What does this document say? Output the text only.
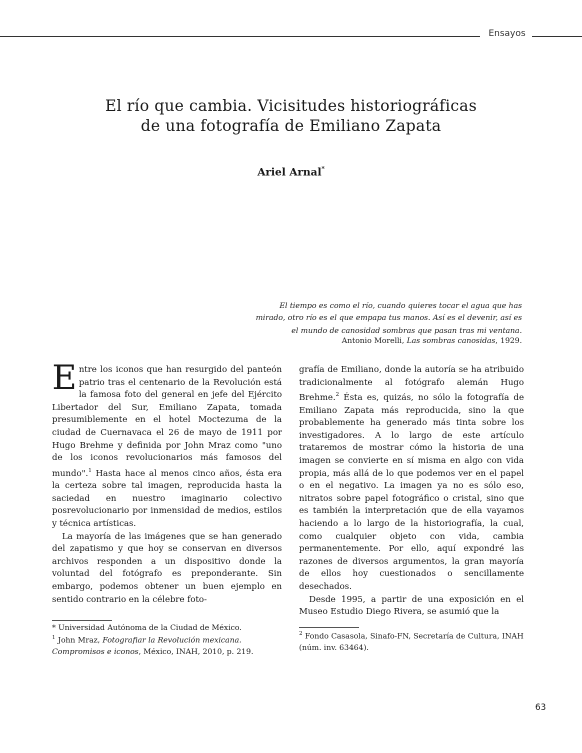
Ensayos
El río que cambia. Vicisitudes historiográficas
de una fotografía de Emiliano Zapata
Ariel Arnal*
El tiempo es como el río, cuando quieres tocar el agua que has
mirado, otro río es el que empapa tus manos. Así es el devenir, así es
el mundo de canosidad sombras que pasan tras mi ventana.
Antonio Morelli, Las sombras canosidas, 1929.

Entre los iconos que han resurgido del panteón patrio tras el centenario de la Revolución está la famosa foto del general en jefe del Ejército Libertador del Sur, Emiliano Zapata, tomada presumiblemente en el hotel Moctezuma de la ciudad de Cuernavaca el 26 de mayo de 1911 por Hugo Brehme y definida por John Mraz como "uno de los iconos revolucionarios más famosos del mundo".$^1$ Hasta hace al menos cinco años, ésta era la certeza sobre tal imagen, reproducida hasta la saciedad en nuestro imaginario colectivo posrevolucionario por inmensidad de medios, estilos y técnica artísticas.

La mayoría de las imágenes que se han generado del zapatismo y que hoy se conservan en diversos archivos responden a un dispositivo donde la voluntad del fotógrafo es preponderante. Sin embargo, podemos obtener un buen ejemplo en sentido contrario en la célebre foto-

grafía de Emiliano, donde la autoría se ha atribuido tradicionalmente al fotógrafo alemán Hugo Brehme.$^2$ Ésta es, quizás, no sólo la fotografía de Emiliano Zapata más reproducida, sino la que probablemente ha generado más tinta sobre los investigadores. A lo largo de este artículo trataremos de mostrar cómo la historia de una imagen se convierte en sí misma en algo con vida propia, más allá de lo que podemos ver en el papel o en el negativo. La imagen ya no es sólo eso, nitratos sobre papel fotográfico o cristal, sino que es también la interpretación que de ella vayamos haciendo a lo largo de la historiografía, la cual, como cualquier objeto con vida, cambia permanentemente. Por ello, aquí expondré las razones de diversos argumentos, la gran mayoría de ellos hoy cuestionados o sencillamente desechados.

Desde 1995, a partir de una exposición en el Museo Estudio Diego Rivera, se asumió que la

* Universidad Autónoma de la Ciudad de México.

$^1$ John Mraz, Fotografiar la Revolución mexicana. Compromisos e iconos, México, INAH, 2010, p. 219.

$^2$ Fondo Casasola, Sinafo-FN, Secretaría de Cultura, INAH (núm. inv. 63464).

63
